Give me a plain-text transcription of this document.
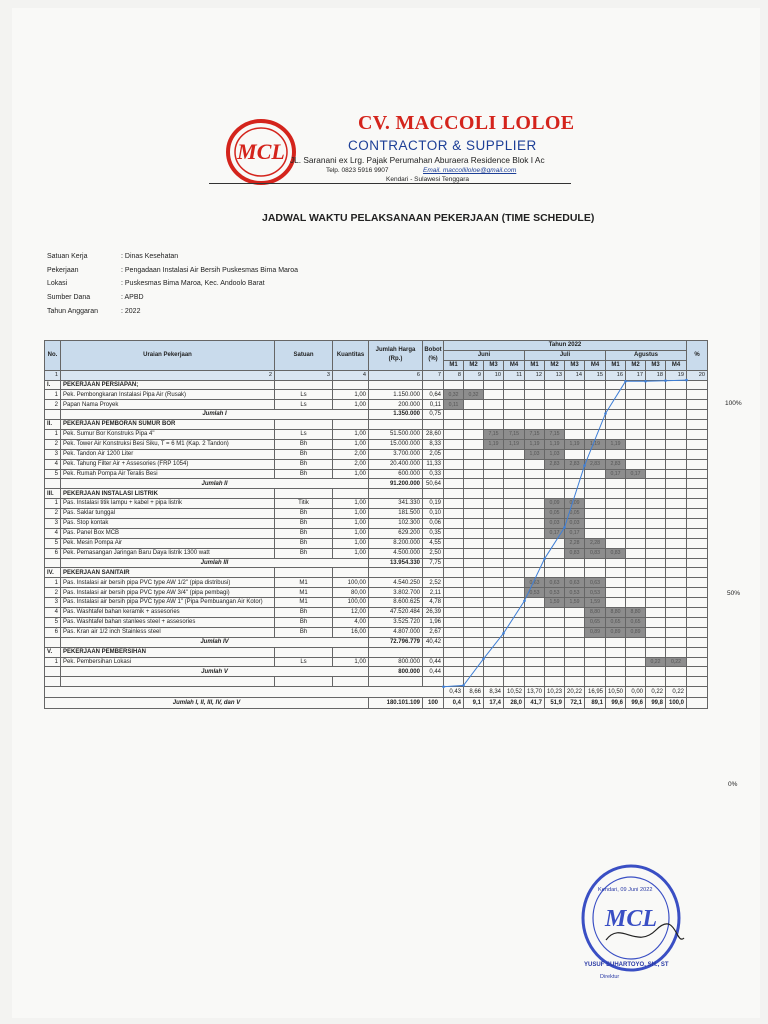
MCL
CV. MACCOLI LOLOE
CONTRACTOR & SUPPLIER
JL. Saranani ex Lrg. Pajak Perumahan Aburaera Residence Blok I Ac
Telp. 0823 5916 9907	Email. maccolliloloe@gmail.com
Kendari - Sulawesi Tenggara
JADWAL WAKTU PELAKSANAAN PEKERJAAN (TIME SCHEDULE)
Satuan Kerja	: Dinas Kesehatan
Pekerjaan	: Pengadaan Instalasi Air Bersih Puskesmas Bima Maroa
Lokasi	: Puskesmas Bima Maroa, Kec. Andoolo Barat
Sumber Dana	: APBD
Tahun Anggaran	: 2022
No.	Uraian Pekerjaan	Satuan	Kuantitas	Jumlah Harga (Rp.)	Bobot (%)	Tahun 2022												%
						Juni				Juli				Agustus				
						M1	M2	M3	M4	M1	M2	M3	M4	M1	M2	M3	M4	
1	2	3	4	6	7	8	9	10	11	12	13	14	15	16	17	18	19	20
I.	PEKERJAAN PERSIAPAN;																	
1	Pek. Pembongkaran Instalasi Pipa Air (Rusak)	Ls	1,00	1.150.000	0,64	0,32	0,32											
2	Papan Nama Proyek	Ls	1,00	200.000	0,11	0,11												
	Jumlah I			1.350.000	0,75													
II.	PEKERJAAN PEMBORAN SUMUR BOR																	
1	Pek. Sumur Bor Konstruks Pipa 4"	Ls	1,00	51.500.000	28,60			7,15	7,15	7,15	7,15							
2	Pek. Tower Air Konstruksi Besi Siku, T = 6 M1 (Kap. 2 Tandon)	Bh	1,00	15.000.000	8,33			1,19	1,19	1,19	1,19	1,19	1,19	1,19				
3	Pek. Tandon Air 1200 Liter	Bh	2,00	3.700.000	2,05					1,03	1,03							
4	Pek. Tahung Filter Air + Assesories (FRP 1054)	Bh	2,00	20.400.000	11,33						2,83	2,83	2,83	2,83				
5	Pek. Rumah Pompa Air Teralis Besi	Bh	1,00	600.000	0,33									0,17	0,17			
	Jumlah II			91.200.000	50,64													
III.	PEKERJAAN INSTALASI LISTRIK																	
1	Pas. Instalasi titik lampu + kabel + pipa listrik	Titik	1,00	341.330	0,19						0,09	0,09						
2	Pas. Saklar tunggal	Bh	1,00	181.500	0,10						0,05	0,05						
3	Pas. Stop kontak	Bh	1,00	102.300	0,06						0,03	0,03						
4	Pas. Panel Box MCB	Bh	1,00	629.200	0,35						0,17	0,17						
5	Pek. Mesin Pompa Air	Bh	1,00	8.200.000	4,55							2,28	2,28					
6	Pek. Pemasangan Jaringan Baru Daya listrik 1300 watt	Bh	1,00	4.500.000	2,50							0,83	0,83	0,83				
	Jumlah III			13.954.330	7,75													
IV.	PEKERJAAN SANITAIR																	
1	Pas. Instalasi air bersih pipa PVC type AW 1/2" (pipa distribusi)	M1	100,00	4.540.250	2,52					0,63	0,63	0,63	0,63					
2	Pas. Instalasi air bersih pipa PVC type AW 3/4" (pipa pembagi)	M1	80,00	3.802.700	2,11					0,53	0,53	0,53	0,53					
3	Pas. Instalasi air bersih pipa PVC type AW 1" (Pipa Pembuangan Air Kotor)	M1	100,00	8.600.625	4,78						1,59	1,59	1,59					
4	Pas. Washtafel bahan keramik + assesories	Bh	12,00	47.520.484	26,39								8,80	8,80	8,80			
5	Pas. Washtafel bahan stanlees steel + assesories	Bh	4,00	3.525.720	1,96								0,65	0,65	0,65			
6	Pas. Kran air 1/2 inch Stainless steel	Bh	16,00	4.807.000	2,67								0,89	0,89	0,89			
	Jumlah IV			72.796.779	40,42													
V.	PEKERJAAN PEMBERSIHAN																	
1	Pek. Pembersihan Lokasi	Ls	1,00	800.000	0,44											0,22	0,22	
	Jumlah V			800.000	0,44													

						0,43	8,66	8,34	10,52	13,70	10,23	20,22	16,95	10,50	0,00	0,22	0,22	
Jumlah I, II, III, IV, dan V				180.101.109	100	0,4	9,1	17,4	28,0	41,7	51,9	72,1	89,1	99,6	99,6	99,8	100,0	
100%
50%
0%
MCL
Kendari, 09 Juni 2022
YUSUF SUHARTOYO, SH., ST
Direktur
